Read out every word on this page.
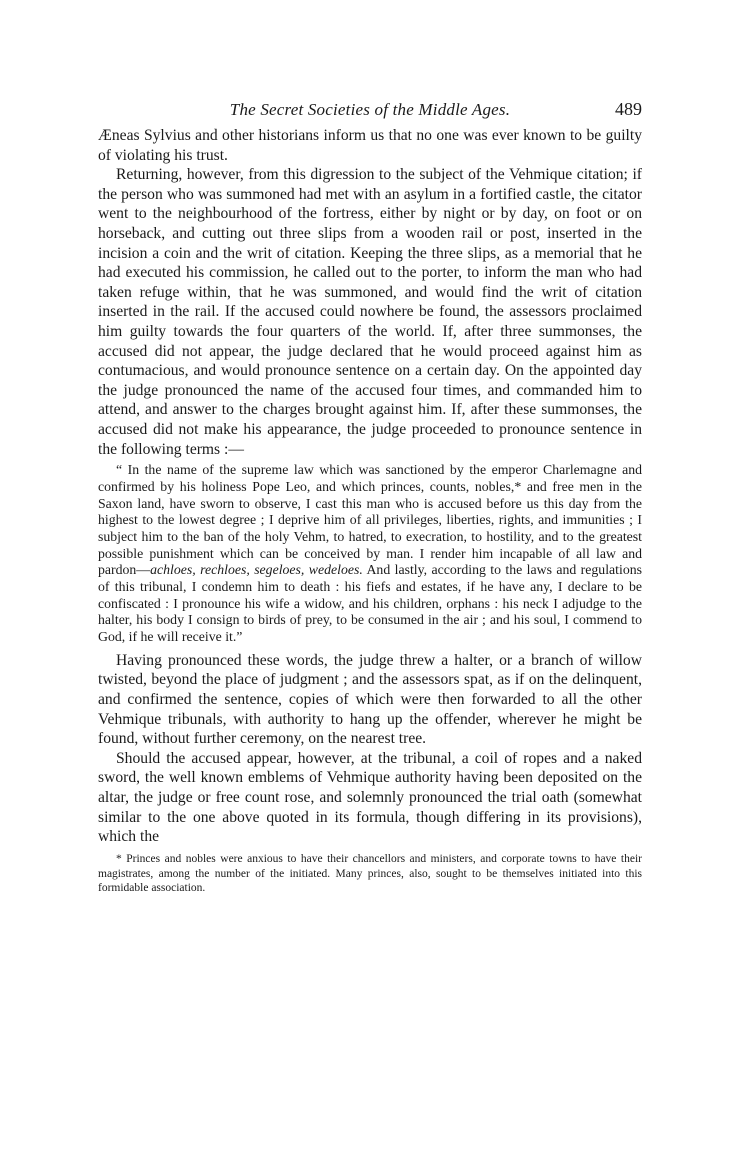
The Secret Societies of the Middle Ages.	489

Æneas Sylvius and other historians inform us that no one was ever known to be guilty of violating his trust.

Returning, however, from this digression to the subject of the Vehmique citation; if the person who was summoned had met with an asylum in a fortified castle, the citator went to the neighbourhood of the fortress, either by night or by day, on foot or on horseback, and cutting out three slips from a wooden rail or post, inserted in the incision a coin and the writ of citation. Keeping the three slips, as a memorial that he had executed his commission, he called out to the porter, to inform the man who had taken refuge within, that he was summoned, and would find the writ of citation inserted in the rail. If the accused could nowhere be found, the assessors proclaimed him guilty towards the four quarters of the world. If, after three summonses, the accused did not appear, the judge declared that he would proceed against him as contumacious, and would pronounce sentence on a certain day. On the appointed day the judge pronounced the name of the accused four times, and commanded him to attend, and answer to the charges brought against him. If, after these summonses, the accused did not make his appearance, the judge proceeded to pronounce sentence in the following terms :—

“ In the name of the supreme law which was sanctioned by the emperor Charlemagne and confirmed by his holiness Pope Leo, and which princes, counts, nobles,* and free men in the Saxon land, have sworn to observe, I cast this man who is accused before us this day from the highest to the lowest degree ; I deprive him of all privileges, liberties, rights, and immunities ; I subject him to the ban of the holy Vehm, to hatred, to execration, to hostility, and to the greatest possible punishment which can be conceived by man. I render him incapable of all law and pardon—achloes, rechloes, segeloes, wedeloes. And lastly, according to the laws and regulations of this tribunal, I condemn him to death : his fiefs and estates, if he have any, I declare to be confiscated : I pronounce his wife a widow, and his children, orphans : his neck I adjudge to the halter, his body I consign to birds of prey, to be consumed in the air ; and his soul, I commend to God, if he will receive it.”

Having pronounced these words, the judge threw a halter, or a branch of willow twisted, beyond the place of judgment ; and the assessors spat, as if on the delinquent, and confirmed the sentence, copies of which were then forwarded to all the other Vehmique tribunals, with authority to hang up the offender, wherever he might be found, without further ceremony, on the nearest tree.

Should the accused appear, however, at the tribunal, a coil of ropes and a naked sword, the well known emblems of Vehmique authority having been deposited on the altar, the judge or free count rose, and solemnly pronounced the trial oath (somewhat similar to the one above quoted in its formula, though differing in its provisions), which the

* Princes and nobles were anxious to have their chancellors and ministers, and corporate towns to have their magistrates, among the number of the initiated. Many princes, also, sought to be themselves initiated into this formidable association.
